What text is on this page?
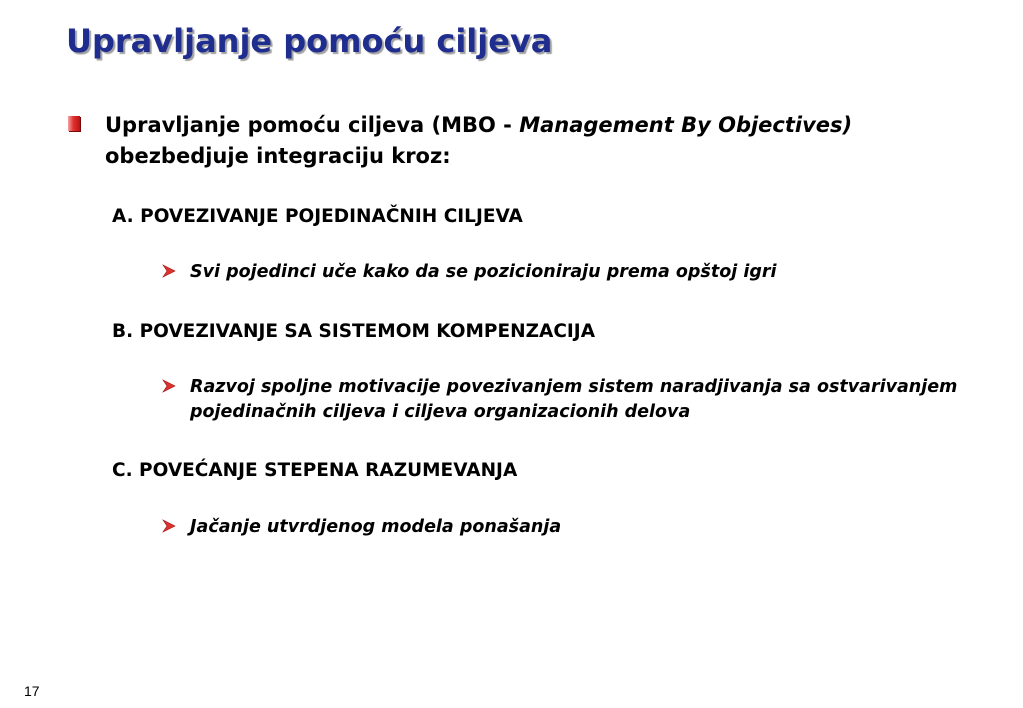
Upravljanje pomoću ciljeva
Upravljanje pomoću ciljeva (MBO - Management By Objectives) obezbedjuje integraciju kroz:
A. POVEZIVANJE POJEDINAČNIH CILJEVA
Svi pojedinci uče kako da se pozicioniraju prema opštoj igri
B. POVEZIVANJE SA SISTEMOM KOMPENZACIJA
Razvoj spoljne motivacije povezivanjem sistem naradjivanja sa ostvarivanjem pojedinačnih ciljeva i ciljeva organizacionih delova
C. POVEĆANJE STEPENA RAZUMEVANJA
Jačanje utvrdjenog modela ponašanja
17
